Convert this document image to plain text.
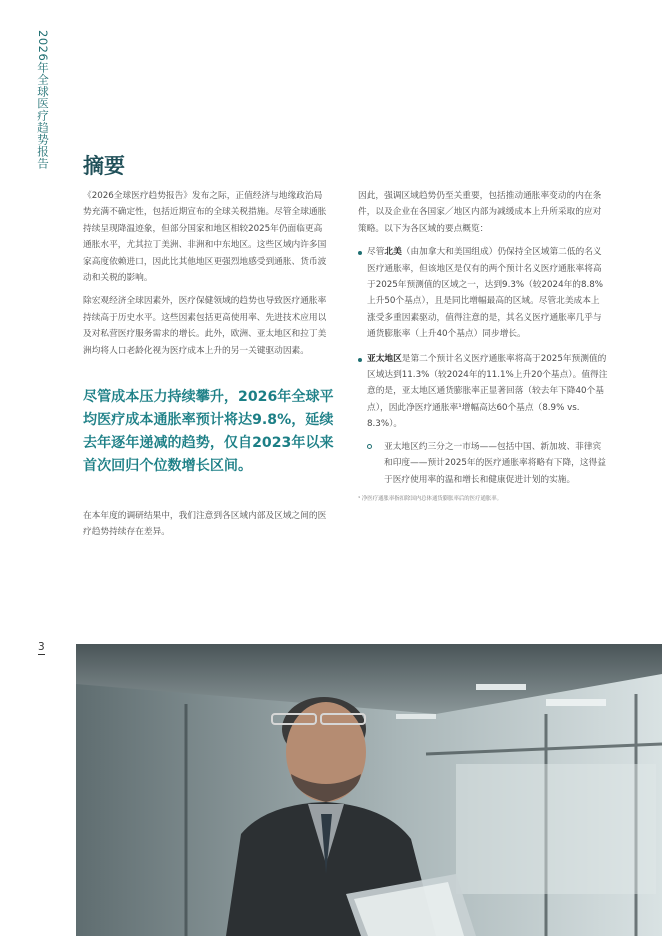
2026年全球医疗趋势报告 摘要

《2026全球医疗趋势报告》发布之际，正值经济与地缘政治局势充满不确定性，包括近期宣布的全球关税措施。尽管全球通胀持续呈现降温迹象，但部分国家和地区相较2025年仍面临更高通胀水平，尤其拉丁美洲、非洲和中东地区。这些区域内许多国家高度依赖进口，因此比其他地区更强烈地感受到通胀、货币波动和关税的影响。

除宏观经济全球因素外，医疗保健领域的趋势也导致医疗通胀率持续高于历史水平。这些因素包括更高使用率、先进技术应用以及对私营医疗服务需求的增长。此外，欧洲、亚太地区和拉丁美洲均将人口老龄化视为医疗成本上升的另一关键驱动因素。

尽管成本压力持续攀升，2026年全球平均医疗成本通胀率预计将达9.8%，延续去年逐年递减的趋势，仅自2023年以来首次回归个位数增长区间。

在本年度的调研结果中，我们注意到各区域内部及区域之间的医疗趋势持续存在差异。

因此，强调区域趋势仍至关重要，包括推动通胀率变动的内在条件，以及企业在各国家／地区内部为减缓成本上升所采取的应对策略。以下为各区域的要点概览：

尽管北美（由加拿大和美国组成）仍保持全区域第二低的名义医疗通胀率，但该地区是仅有的两个预计名义医疗通胀率将高于2025年预测值的区域之一，达到9.3%（较2024年的8.8%上升50个基点），且是同比增幅最高的区域。尽管北美成本上涨受多重因素驱动，值得注意的是，其名义医疗通胀率几乎与通货膨胀率（上升40个基点）同步增长。
亚太地区是第二个预计名义医疗通胀率将高于2025年预测值的区域达到11.3%（较2024年的11.1%上升20个基点）。值得注意的是，亚太地区通货膨胀率正显著回落（较去年下降40个基点），因此净医疗通胀率¹增幅高达60个基点（8.9% vs. 8.3%）。
亚太地区约三分之一市场——包括中国、新加坡、菲律宾和印度——预计2025年的医疗通胀率将略有下降，这得益于医疗使用率的温和增长和健康促进计划的实施。

¹ 净医疗通胀率指扣除国内总体通货膨胀率后的医疗通胀率。

3
